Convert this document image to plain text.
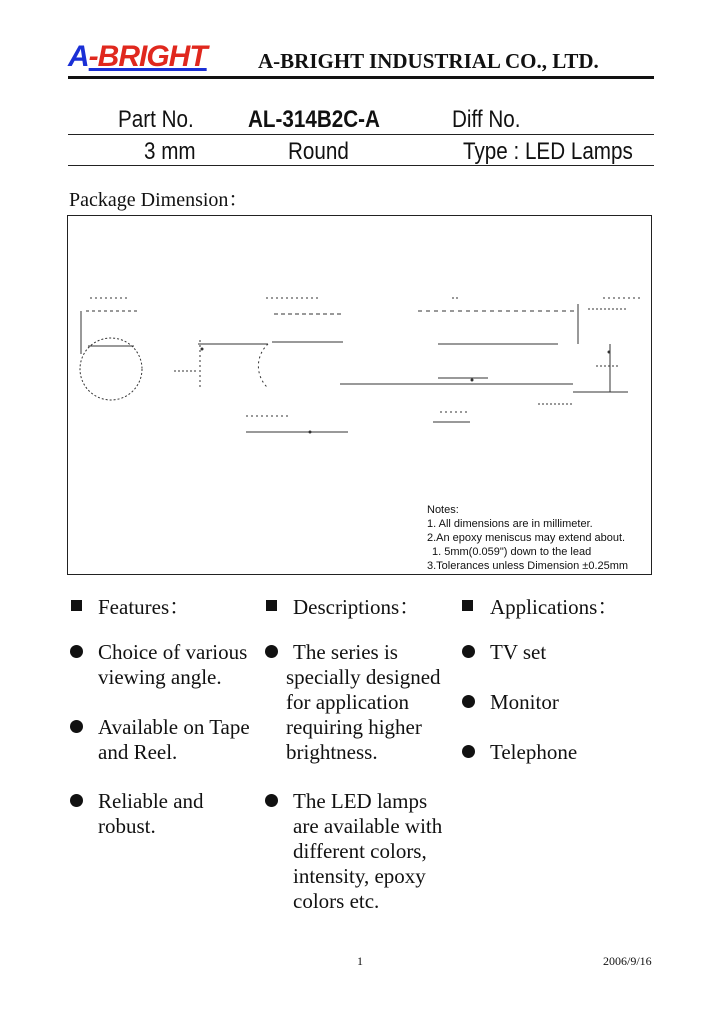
A-BRIGHT A-BRIGHT INDUSTRIAL CO., LTD.
Part No. AL-314B2C-A	Diff No.
3 mm	Round	Type : LED Lamps
Package Dimension：
Notes:
1. All dimensions are in millimeter.
2.An epoxy meniscus may extend about.
1. 5mm(0.059") down to the lead
3.Tolerances unless Dimension ±0.25mm
Features：	Descriptions：	Applications：
Choice of various
viewing angle.
Available on Tape
and Reel.
Reliable and
robust.
The series is
specially designed
for application
requiring higher
brightness.
The LED lamps
are available with
different colors,
intensity, epoxy
colors etc.
TV set
Monitor
Telephone
1	2006/9/16
